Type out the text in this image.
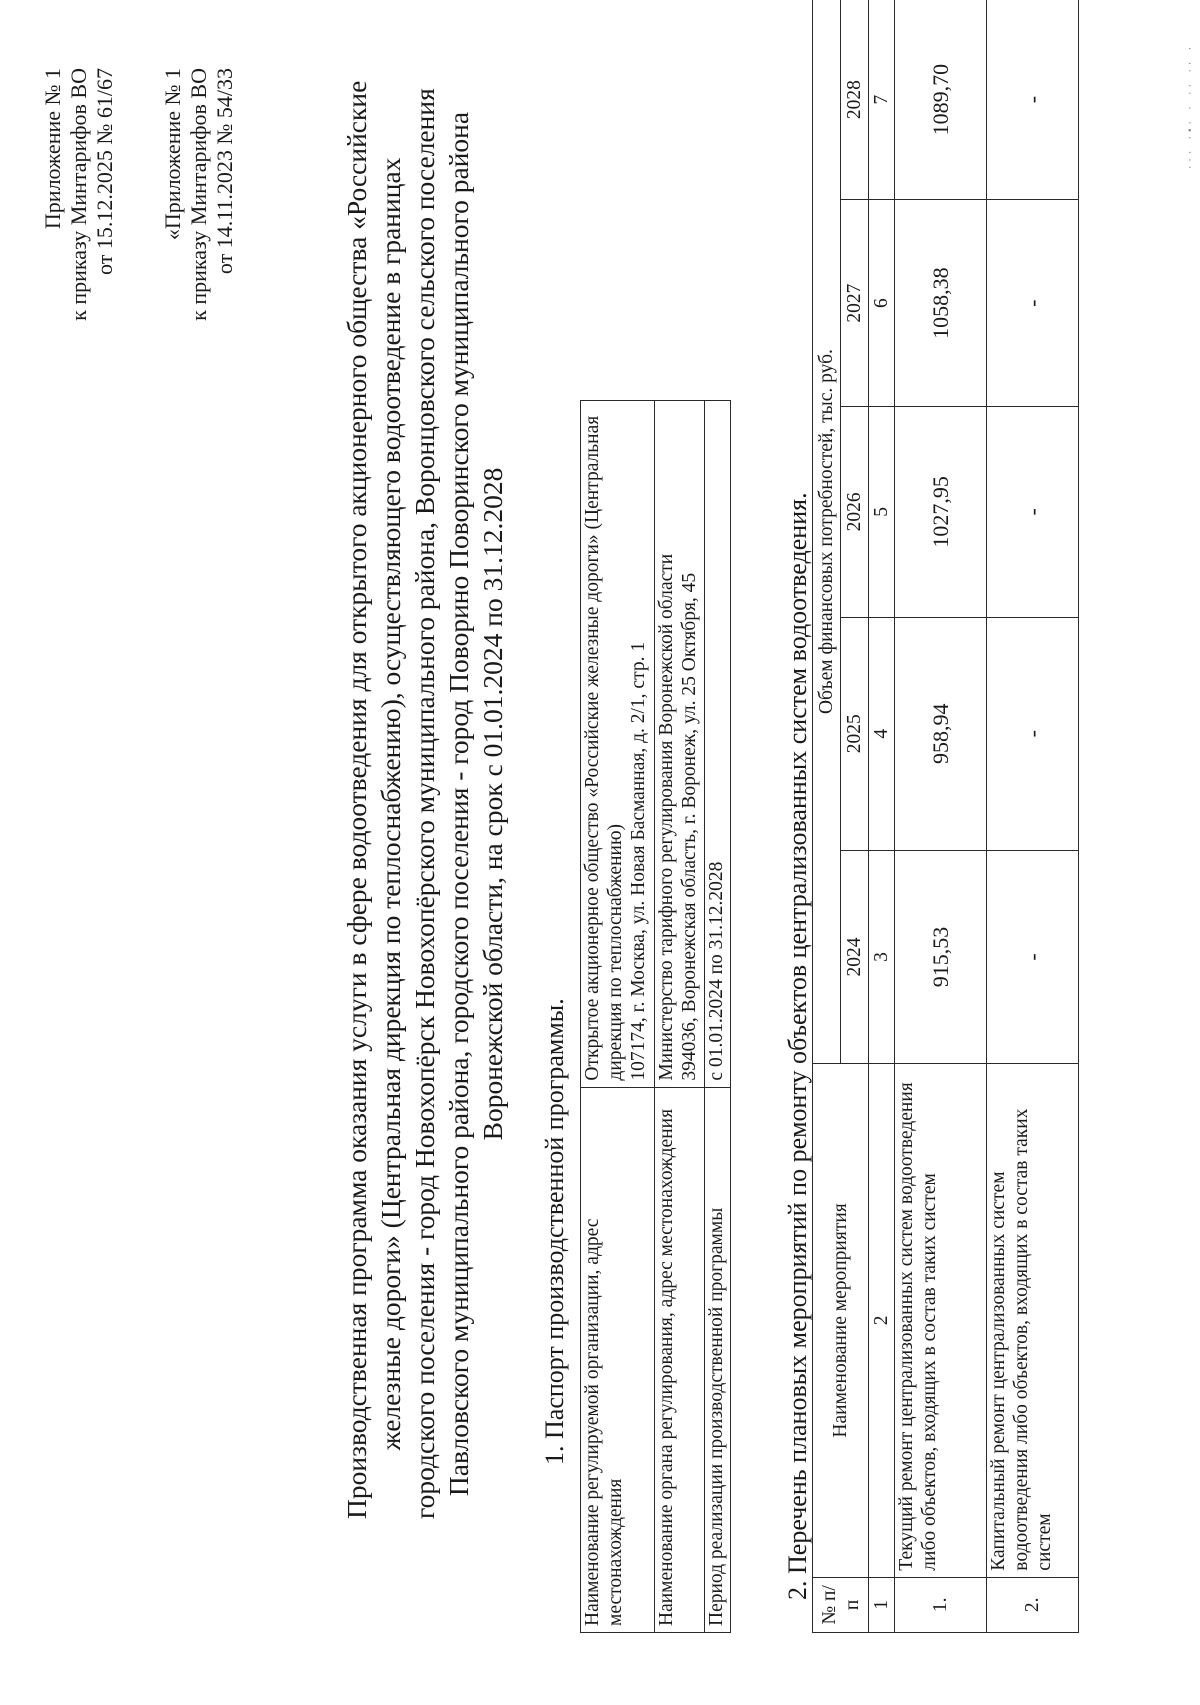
··· ·•· · ·· ·· ·
Приложение № 1 к приказу Минтарифов ВО от 15.12.2025 № 61/67 «Приложение № 1 к приказу Минтарифов ВО от 14.11.2023 № 54/33	Производственная программа оказания услуги в сфере водоотведения для открытого акционерного общества «Российские железные дороги» (Центральная дирекция по теплоснабжению), осуществляющего водоотведение в границах городского поселения - город Новохопёрск Новохопёрского муниципального района, Воронцовского сельского поселения Павловского муниципального района, городского поселения - город Поворино Поворинского муниципального района Воронежской области, на срок с 01.01.2024 по 31.12.2028
1. Паспорт производственной программы. Наименование регулируемой организации, адрес местонахождения	Открытое акционерное общество «Российские железные дороги» (Центральная дирекция по теплоснабжению)
107174, г. Москва, ул. Новая Басманная, д. 2/1, стр. 1
Наименование органа регулирования, адрес местонахождения	Министерство тарифного регулирования Воронежской области
394036, Воронежская область, г. Воронеж, ул. 25 Октября, 45
Период реализации производственной программы	с 01.01.2024 по 31.12.2028 2. Перечень плановых мероприятий по ремонту объектов централизованных систем водоотведения.
№ п/п	Наименование мероприятия	Объем финансовых потребностей, тыс. руб.				
		2024	2025	2026	2027	2028
1	2	3	4	5	6	7
1.	Текущий ремонт централизованных систем водоотведения либо объектов, входящих в состав таких систем	915,53	958,94	1027,95	1058,38	1089,70
2.	Капитальный ремонт централизованных систем водоотведения либо объектов, входящих в состав таких систем	-	-	-	-	-
